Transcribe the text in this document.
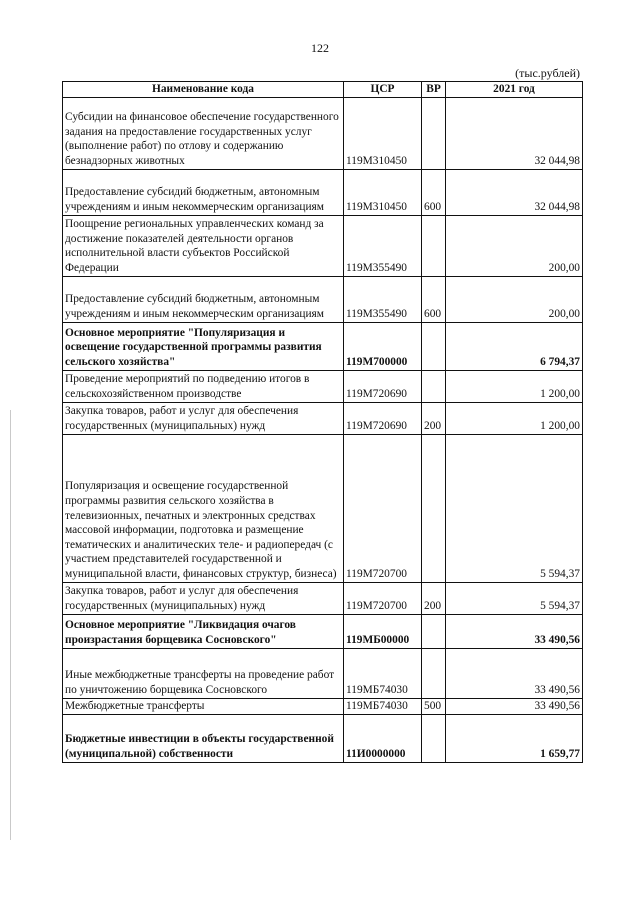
122
(тыс.рублей)
Наименование кода	ЦСР	ВР	2021 год
Субсидии на финансовое обеспечение государственного задания на предоставление государственных услуг (выполнение работ) по отлову и содержанию безнадзорных животных	119М310450		32 044,98
Предоставление субсидий бюджетным, автономным учреждениям и иным некоммерческим организациям	119М310450	600	32 044,98
Поощрение региональных управленческих команд за достижение показателей деятельности органов исполнительной власти субъектов Российской Федерации	119М355490		200,00
Предоставление субсидий бюджетным, автономным учреждениям и иным некоммерческим организациям	119М355490	600	200,00
Основное мероприятие "Популяризация и освещение государственной программы развития сельского хозяйства"	119М700000		6 794,37
Проведение мероприятий по подведению итогов в сельскохозяйственном производстве	119М720690		1 200,00
Закупка товаров, работ и услуг для обеспечения государственных (муниципальных) нужд	119М720690	200	1 200,00
Популяризация и освещение государственной программы развития сельского хозяйства в телевизионных, печатных и электронных средствах массовой информации, подготовка и размещение тематических и аналитических теле- и радиопередач (с участием представителей государственной и муниципальной власти, финансовых структур, бизнеса)	119М720700		5 594,37
Закупка товаров, работ и услуг для обеспечения государственных (муниципальных) нужд	119М720700	200	5 594,37
Основное мероприятие "Ликвидация очагов произрастания борщевика Сосновского"	119МБ00000		33 490,56
Иные межбюджетные трансферты на проведение работ по уничтожению борщевика Сосновского	119МБ74030		33 490,56
Межбюджетные трансферты	119МБ74030	500	33 490,56
Бюджетные инвестиции в объекты государственной (муниципальной) собственности	11И0000000		1 659,77
